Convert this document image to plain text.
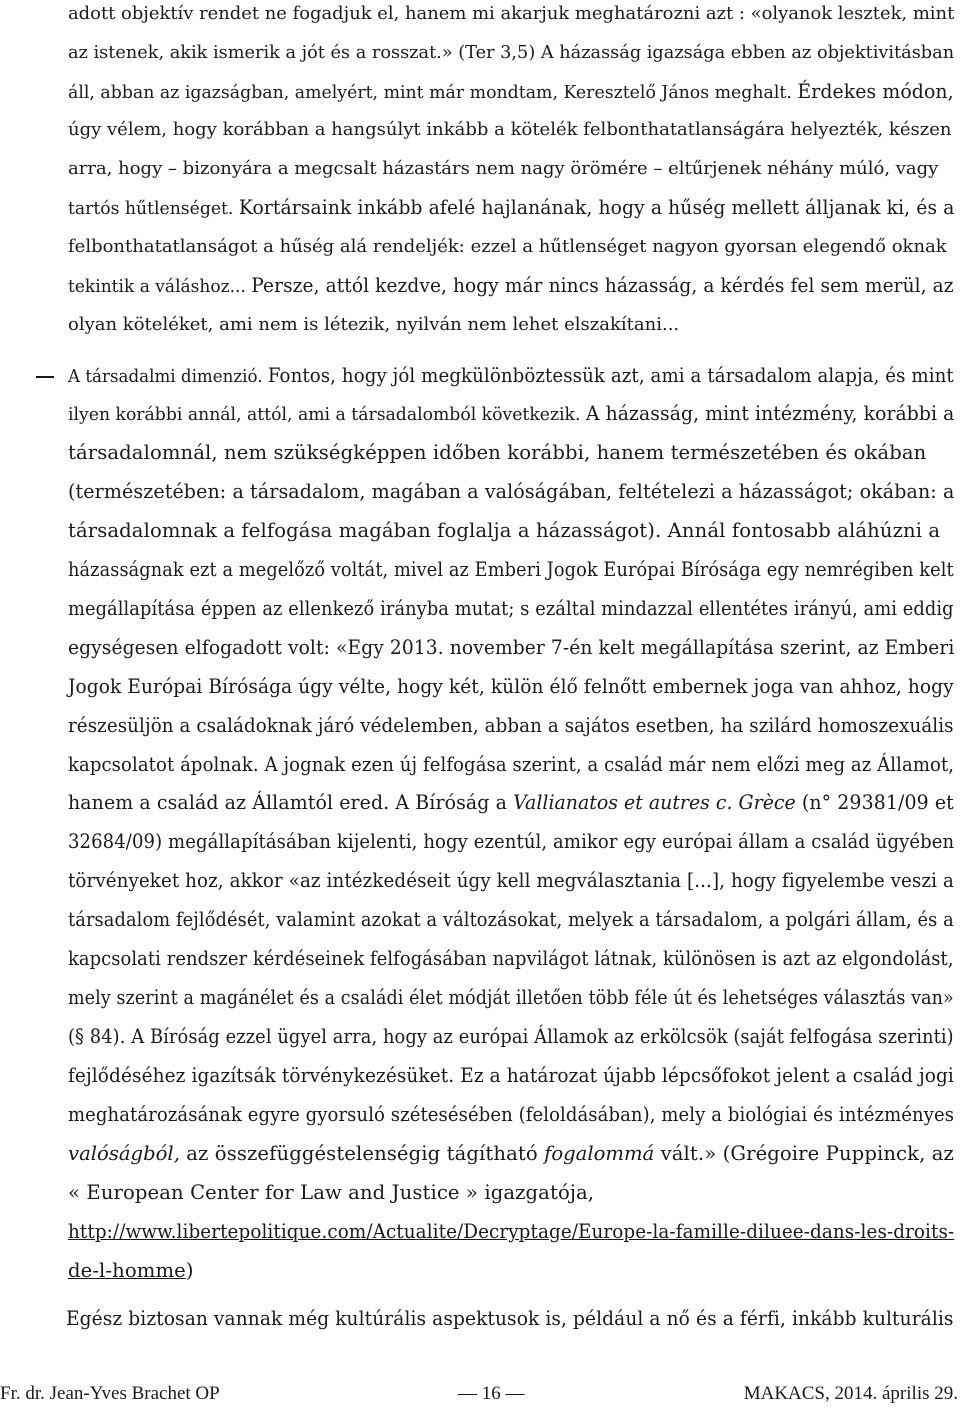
adott objektív rendet ne fogadjuk el, hanem mi akarjuk meghatározni azt : «olyanok lesztek, mint
az istenek, akik ismerik a jót és a rosszat.» (Ter 3,5) A házasság igazsága ebben az objektivitásban
áll, abban az igazságban, amelyért, mint már mondtam, Keresztelő János meghalt. Érdekes módon,
úgy vélem, hogy korábban a hangsúlyt inkább a kötelék felbonthatatlanságára helyezték, készen
arra, hogy – bizonyára a megcsalt házastárs nem nagy örömére – eltűrjenek néhány múló, vagy
tartós hűtlenséget. Kortársaink inkább afelé hajlanának, hogy a hűség mellett álljanak ki, és a
felbonthatatlanságot a hűség alá rendeljék: ezzel a hűtlenséget nagyon gyorsan elegendő oknak
tekintik a váláshoz... Persze, attól kezdve, hogy már nincs házasság, a kérdés fel sem merül, az
olyan köteléket, ami nem is létezik, nyilván nem lehet elszakítani...
A társadalmi dimenzió. Fontos, hogy jól megkülönböztessük azt, ami a társadalom alapja, és mint
ilyen korábbi annál, attól, ami a társadalomból következik. A házasság, mint intézmény, korábbi a
társadalomnál, nem szükségképpen időben korábbi, hanem természetében és okában
(természetében: a társadalom, magában a valóságában, feltételezi a házasságot; okában: a
társadalomnak a felfogása magában foglalja a házasságot). Annál fontosabb aláhúzni a
házasságnak ezt a megelőző voltát, mivel az Emberi Jogok Európai Bírósága egy nemrégiben kelt
megállapítása éppen az ellenkező irányba mutat; s ezáltal mindazzal ellentétes irányú, ami eddig
egységesen elfogadott volt: «Egy 2013. november 7-én kelt megállapítása szerint, az Emberi
Jogok Európai Bírósága úgy vélte, hogy két, külön élő felnőtt embernek joga van ahhoz, hogy
részesüljön a családoknak járó védelemben, abban a sajátos esetben, ha szilárd homoszexuális
kapcsolatot ápolnak. A jognak ezen új felfogása szerint, a család már nem előzi meg az Államot,
hanem a család az Államtól ered. A Bíróság a Vallianatos et autres c. Grèce (n° 29381/09 et
32684/09) megállapításában kijelenti, hogy ezentúl, amikor egy európai állam a család ügyében
törvényeket hoz, akkor «az intézkedéseit úgy kell megválasztania [...], hogy figyelembe veszi a
társadalom fejlődését, valamint azokat a változásokat, melyek a társadalom, a polgári állam, és a
kapcsolati rendszer kérdéseinek felfogásában napvilágot látnak, különösen is azt az elgondolást,
mely szerint a magánélet és a családi élet módját illetően több féle út és lehetséges választás van»
(§ 84). A Bíróság ezzel ügyel arra, hogy az európai Államok az erkölcsök (saját felfogása szerinti)
fejlődéséhez igazítsák törvénykezésüket. Ez a határozat újabb lépcsőfokot jelent a család jogi
meghatározásának egyre gyorsuló szétesésében (feloldásában), mely a biológiai és intézményes
valóságból, az összefüggéstelenségig tágítható fogalommá vált.» (Grégoire Puppinck, az
« European Center for Law and Justice » igazgatója,
http://www.libertepolitique.com/Actualite/Decryptage/Europe-la-famille-diluee-dans-les-droits-
de-l-homme)
Egész biztosan vannak még kultúrális aspektusok is, például a nő és a férfi, inkább kulturális
Fr. dr. Jean-Yves Brachet OP	— 16 —	MAKACS, 2014. április 29.
